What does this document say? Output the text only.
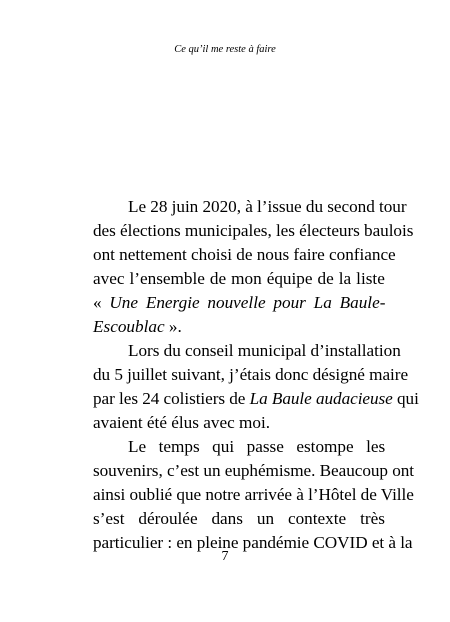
Ce qu’il me reste à faire
Le 28 juin 2020, à l’issue du second tour
des élections municipales, les électeurs baulois
ont nettement choisi de nous faire confiance
avec l’ensemble de mon équipe de la liste
« Une Energie nouvelle pour La Baule-
Escoublac ».
Lors du conseil municipal d’installation
du 5 juillet suivant, j’étais donc désigné maire
par les 24 colistiers de La Baule audacieuse qui
avaient été élus avec moi.
Le temps qui passe estompe les
souvenirs, c’est un euphémisme. Beaucoup ont
ainsi oublié que notre arrivée à l’Hôtel de Ville
s’est déroulée dans un contexte très
particulier : en pleine pandémie COVID et à la
7
